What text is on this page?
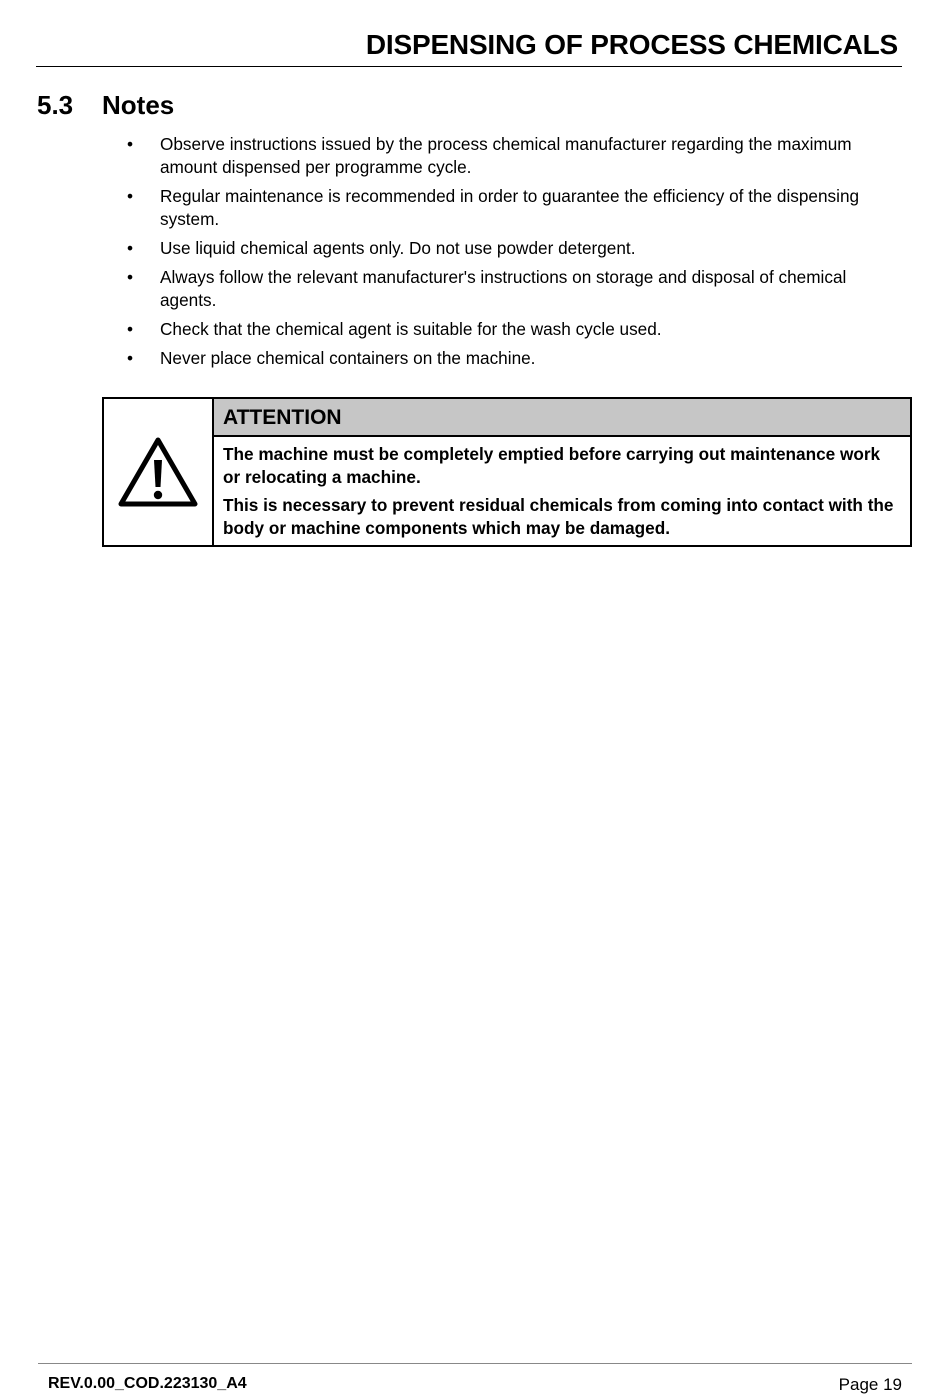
DISPENSING OF PROCESS CHEMICALS
5.3 Notes
• Observe instructions issued by the process chemical manufacturer regarding the maximum amount dispensed per programme cycle.
• Regular maintenance is recommended in order to guarantee the efficiency of the dispensing system.
• Use liquid chemical agents only. Do not use powder detergent.
• Always follow the relevant manufacturer's instructions on storage and disposal of chemical agents.
• Check that the chemical agent is suitable for the wash cycle used.
• Never place chemical containers on the machine.
ATTENTION

The machine must be completely emptied before carrying out maintenance work or relocating a machine.

This is necessary to prevent residual chemicals from coming into contact with the body or machine components which may be damaged.

REV.0.00_COD.223130_A4	Page 19
